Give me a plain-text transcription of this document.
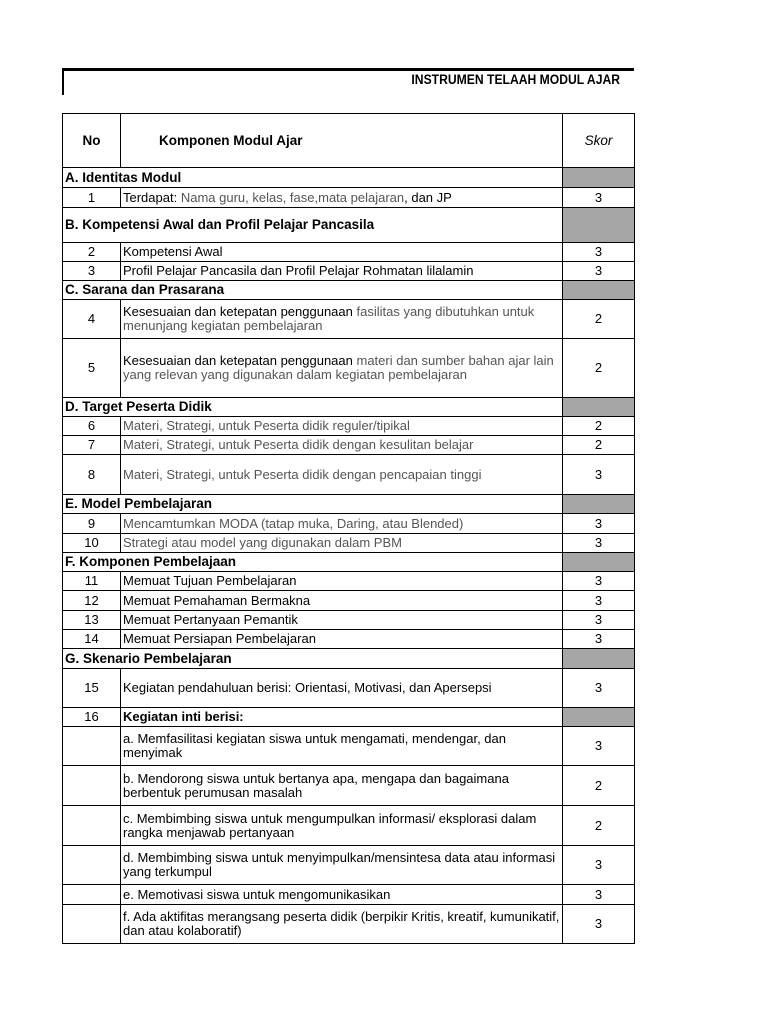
INSTRUMEN TELAAH MODUL AJAR
No	Komponen Modul Ajar	Skor
A. Identitas Modul		
1	Terdapat: Nama guru, kelas, fase,mata pelajaran, dan JP	3
B. Kompetensi Awal dan Profil Pelajar Pancasila		
2	Kompetensi Awal	3
3	Profil Pelajar Pancasila dan Profil Pelajar Rohmatan lilalamin	3
C. Sarana dan Prasarana		
4	Kesesuaian dan ketepatan penggunaan fasilitas yang dibutuhkan untuk menunjang kegiatan pembelajaran	2
5	Kesesuaian dan ketepatan penggunaan materi dan sumber bahan ajar lain yang relevan yang digunakan dalam kegiatan pembelajaran	2
D. Target Peserta Didik		
6	Materi, Strategi, untuk Peserta didik reguler/tipikal	2
7	Materi, Strategi, untuk Peserta didik dengan kesulitan belajar	2
8	Materi, Strategi, untuk Peserta didik dengan pencapaian tinggi	3
E. Model Pembelajaran		
9	Mencamtumkan MODA (tatap muka, Daring, atau Blended)	3
10	Strategi atau model yang digunakan dalam PBM	3
F. Komponen Pembelajaan		
11	Memuat Tujuan Pembelajaran	3
12	Memuat Pemahaman Bermakna	3
13	Memuat Pertanyaan Pemantik	3
14	Memuat Persiapan Pembelajaran	3
G. Skenario Pembelajaran		
15	Kegiatan pendahuluan berisi: Orientasi, Motivasi, dan Apersepsi	3
16	Kegiatan inti berisi:	
	a. Memfasilitasi kegiatan siswa untuk mengamati, mendengar, dan menyimak	3
	b. Mendorong siswa untuk bertanya apa, mengapa dan bagaimana berbentuk perumusan masalah	2
	c. Membimbing siswa untuk mengumpulkan informasi/ eksplorasi dalam rangka menjawab pertanyaan	2
	d. Membimbing siswa untuk menyimpulkan/mensintesa data atau informasi yang terkumpul	3
	e. Memotivasi siswa untuk mengomunikasikan	3
	f. Ada aktifitas merangsang peserta didik (berpikir Kritis, kreatif, kumunikatif, dan atau kolaboratif)	3
